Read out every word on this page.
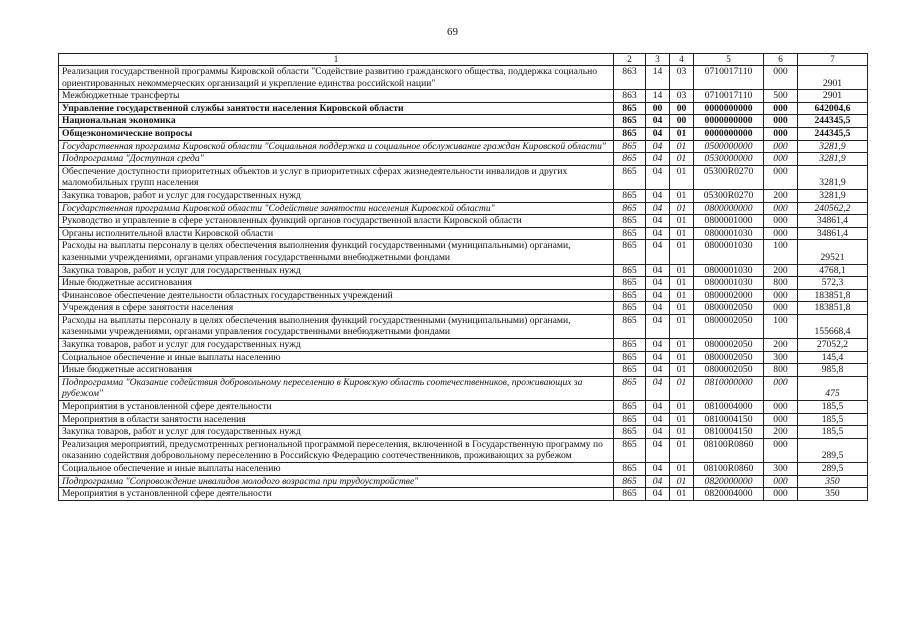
69
1	2	3	4	5	6	7
Реализация государственной программы Кировской области "Содействие развитию гражданского общества, поддержка социально ориентированных некоммерческих организаций и укрепление единства российской нации"	863	14	03	0710017110	000	2901
Межбюджетные трансферты	863	14	03	0710017110	500	2901
Управление государственной службы занятости населения Кировской области	865	00	00	0000000000	000	642004,6
Национальная экономика	865	04	00	0000000000	000	244345,5
Общеэкономические вопросы	865	04	01	0000000000	000	244345,5
Государственная программа Кировской области "Социальная поддержка и социальное обслуживание граждан Кировской области"	865	04	01	0500000000	000	3281,9
Подпрограмма "Доступная среда"	865	04	01	0530000000	000	3281,9
Обеспечение доступности приоритетных объектов и услуг в приоритетных сферах жизнедеятельности инвалидов и других маломобильных групп населения	865	04	01	05300R0270	000	3281,9
Закупка товаров, работ и услуг для государственных нужд	865	04	01	05300R0270	200	3281,9
Государственная программа Кировской области "Содействие занятости населения Кировской области"	865	04	01	0800000000	000	240562,2
Руководство и управление в сфере установленных функций органов государственной власти Кировской области	865	04	01	0800001000	000	34861,4
Органы исполнительной власти Кировской области	865	04	01	0800001030	000	34861,4
Расходы на выплаты персоналу в целях обеспечения выполнения функций государственными (муниципальными) органами, казенными учреждениями, органами управления государственными внебюджетными фондами	865	04	01	0800001030	100	29521
Закупка товаров, работ и услуг для государственных нужд	865	04	01	0800001030	200	4768,1
Иные бюджетные ассигнования	865	04	01	0800001030	800	572,3
Финансовое обеспечение деятельности областных государственных учреждений	865	04	01	0800002000	000	183851,8
Учреждения в сфере занятости населения	865	04	01	0800002050	000	183851,8
Расходы на выплаты персоналу в целях обеспечения выполнения функций государственными (муниципальными) органами, казенными учреждениями, органами управления государственными внебюджетными фондами	865	04	01	0800002050	100	155668,4
Закупка товаров, работ и услуг для государственных нужд	865	04	01	0800002050	200	27052,2
Социальное обеспечение и иные выплаты населению	865	04	01	0800002050	300	145,4
Иные бюджетные ассигнования	865	04	01	0800002050	800	985,8
Подпрограмма "Оказание содействия добровольному переселению в Кировскую область соотечественников, проживающих за рубежом"	865	04	01	0810000000	000	475
Мероприятия в установленной сфере деятельности	865	04	01	0810004000	000	185,5
Мероприятия в области занятости населения	865	04	01	0810004150	000	185,5
Закупка товаров, работ и услуг для государственных нужд	865	04	01	0810004150	200	185,5
Реализация мероприятий, предусмотренных региональной программой переселения, включенной в Государственную программу по оказанию содействия добровольному переселению в Российскую Федерацию соотечественников, проживающих за рубежом	865	04	01	08100R0860	000	289,5
Социальное обеспечение и иные выплаты населению	865	04	01	08100R0860	300	289,5
Подпрограмма "Сопровождение инвалидов молодого возраста при трудоустройстве"	865	04	01	0820000000	000	350
Мероприятия в установленной сфере деятельности	865	04	01	0820004000	000	350
